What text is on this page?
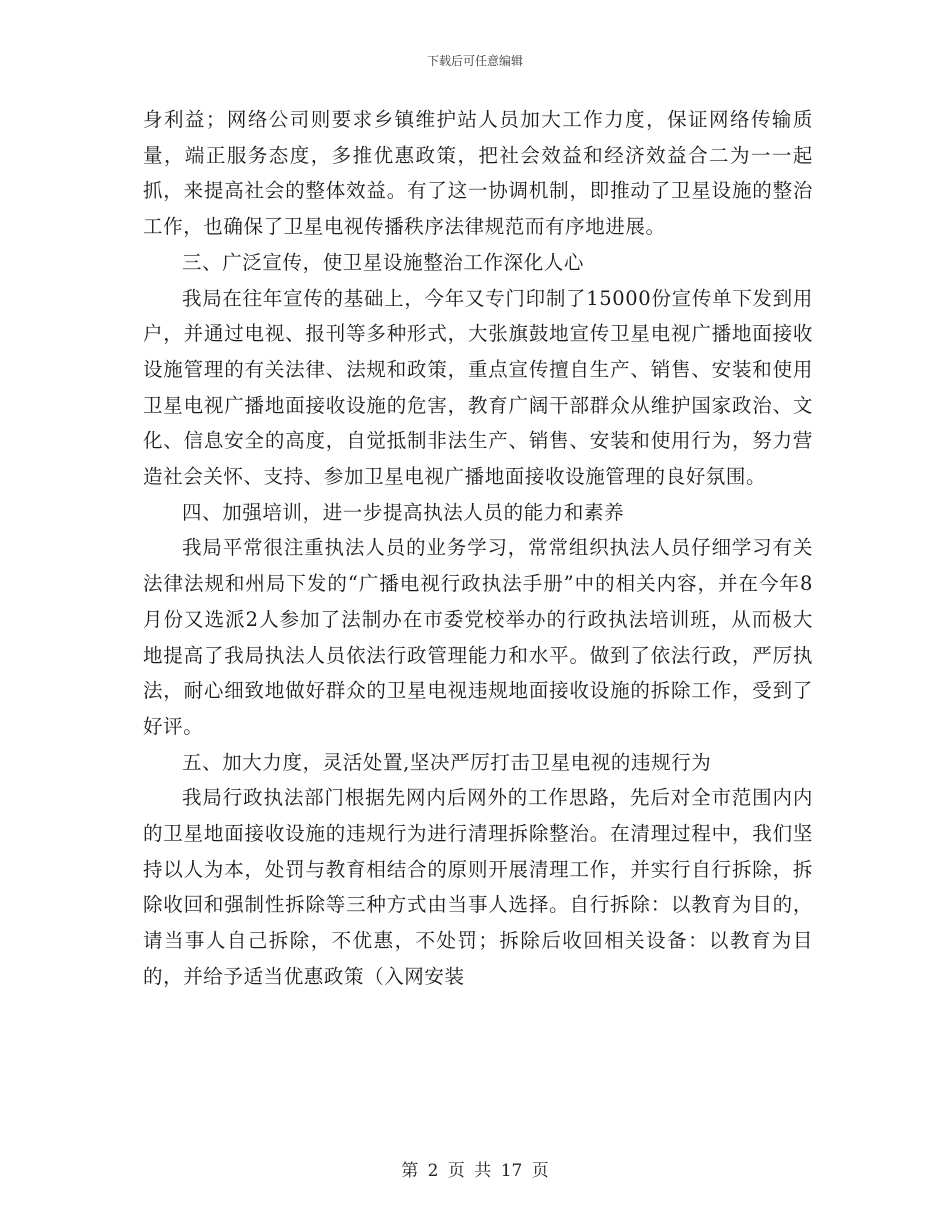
下载后可任意编辑

身利益；网络公司则要求乡镇维护站人员加大工作力度，保证网络传输质量，端正服务态度，多推优惠政策，把社会效益和经济效益合二为一一起抓，来提高社会的整体效益。有了这一协调机制，即推动了卫星设施的整治工作，也确保了卫星电视传播秩序法律规范而有序地进展。

三、广泛宣传，使卫星设施整治工作深化人心

我局在往年宣传的基础上，今年又专门印制了15000份宣传单下发到用户，并通过电视、报刊等多种形式，大张旗鼓地宣传卫星电视广播地面接收设施管理的有关法律、法规和政策，重点宣传擅自生产、销售、安装和使用卫星电视广播地面接收设施的危害，教育广阔干部群众从维护国家政治、文化、信息安全的高度，自觉抵制非法生产、销售、安装和使用行为，努力营造社会关怀、支持、参加卫星电视广播地面接收设施管理的良好氛围。

四、加强培训，进一步提高执法人员的能力和素养

我局平常很注重执法人员的业务学习，常常组织执法人员仔细学习有关法律法规和州局下发的“广播电视行政执法手册”中的相关内容，并在今年8月份又选派2人参加了法制办在市委党校举办的行政执法培训班，从而极大地提高了我局执法人员依法行政管理能力和水平。做到了依法行政，严厉执法，耐心细致地做好群众的卫星电视违规地面接收设施的拆除工作，受到了好评。

五、加大力度，灵活处置,坚决严厉打击卫星电视的违规行为

我局行政执法部门根据先网内后网外的工作思路，先后对全市范围内内的卫星地面接收设施的违规行为进行清理拆除整治。在清理过程中，我们坚持以人为本，处罚与教育相结合的原则开展清理工作，并实行自行拆除，拆除收回和强制性拆除等三种方式由当事人选择。自行拆除：以教育为目的，请当事人自己拆除，不优惠，不处罚；拆除后收回相关设备：以教育为目的，并给予适当优惠政策（入网安装

第 2 页 共 17 页
